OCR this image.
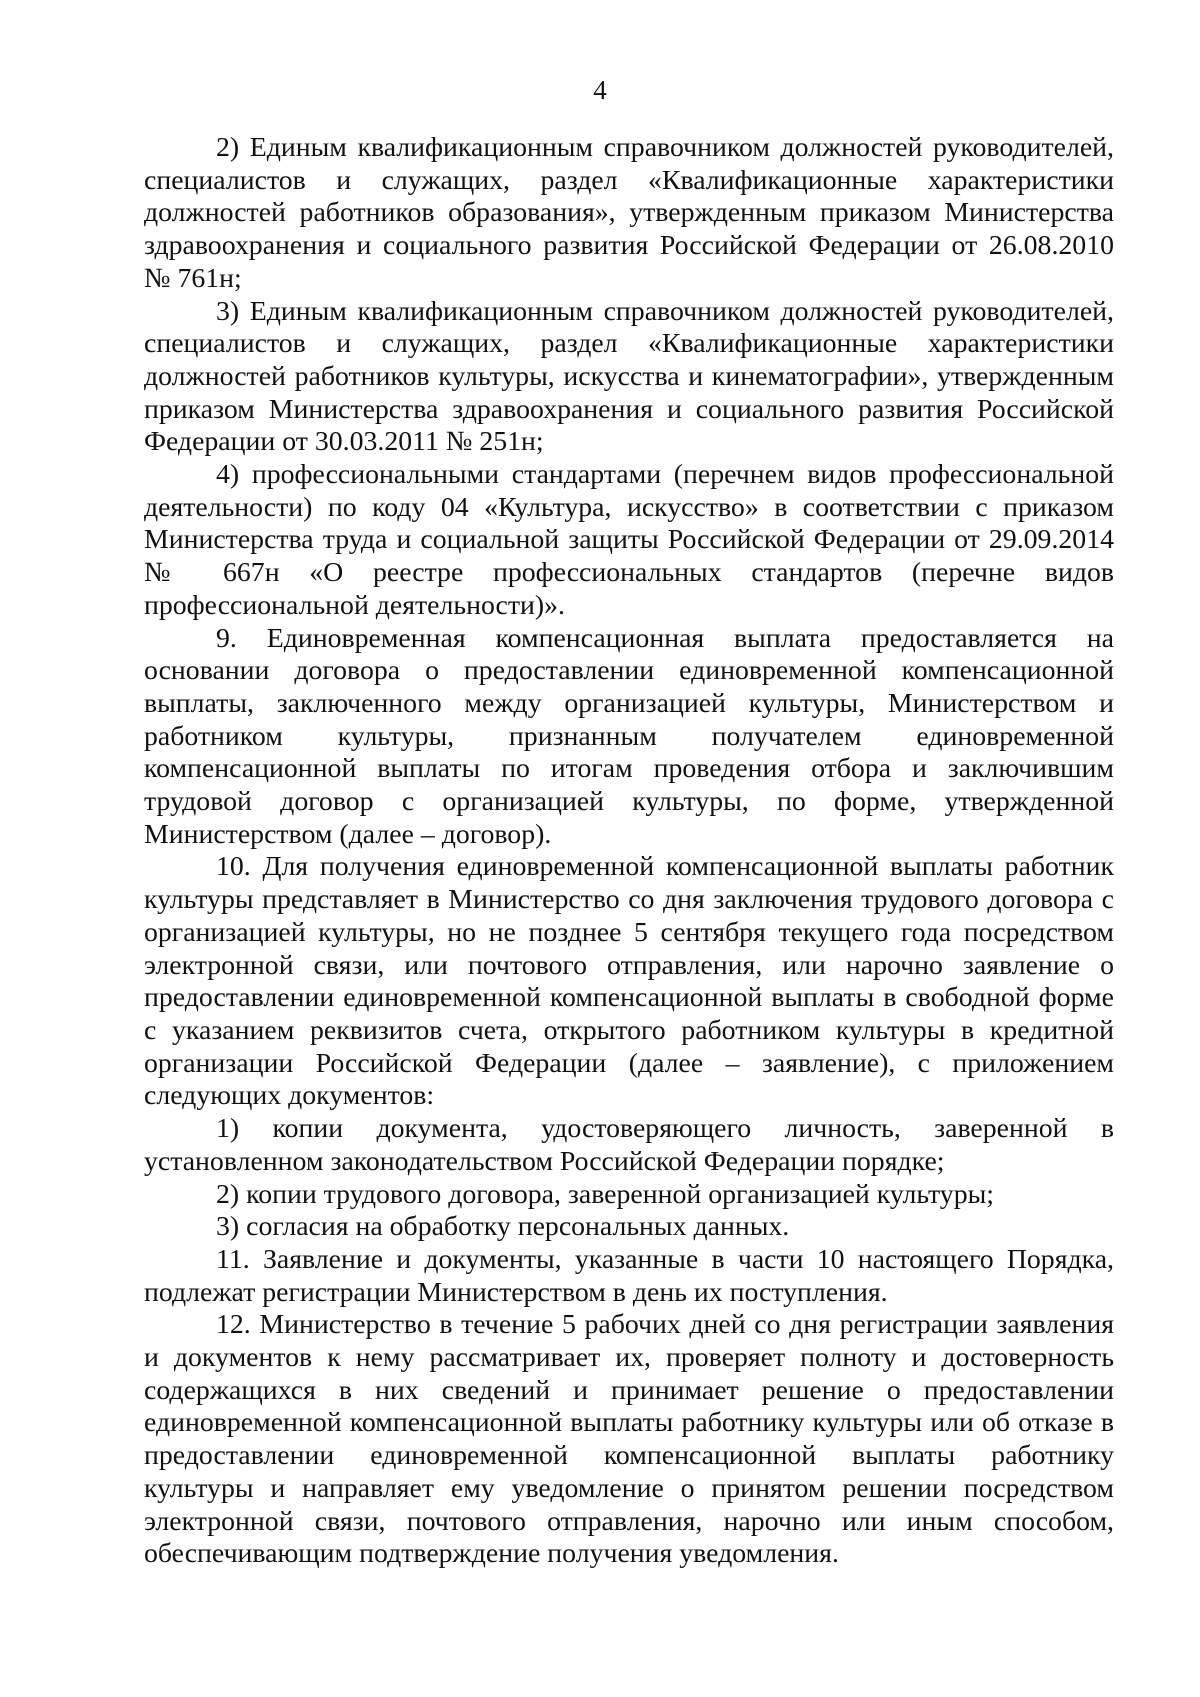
4

2) Единым квалификационным справочником должностей руководителей, специалистов и служащих, раздел «Квалификационные характеристики должностей работников образования», утвержденным приказом Министерства здравоохранения и социального развития Российской Федерации от 26.08.2010 № 761н;

3) Единым квалификационным справочником должностей руководителей, специалистов и служащих, раздел «Квалификационные характеристики должностей работников культуры, искусства и кинематографии», утвержденным приказом Министерства здравоохранения и социального развития Российской Федерации от 30.03.2011 № 251н;

4) профессиональными стандартами (перечнем видов профессиональной деятельности) по коду 04 «Культура, искусство» в соответствии с приказом Министерства труда и социальной защиты Российской Федерации от 29.09.2014 № 667н «О реестре профессиональных стандартов (перечне видов профессиональной деятельности)».

9. Единовременная компенсационная выплата предоставляется на основании договора о предоставлении единовременной компенсационной выплаты, заключенного между организацией культуры, Министерством и работником культуры, признанным получателем единовременной компенсационной выплаты по итогам проведения отбора и заключившим трудовой договор с организацией культуры, по форме, утвержденной Министерством (далее – договор).

10. Для получения единовременной компенсационной выплаты работник культуры представляет в Министерство со дня заключения трудового договора с организацией культуры, но не позднее 5 сентября текущего года посредством электронной связи, или почтового отправления, или нарочно заявление о предоставлении единовременной компенсационной выплаты в свободной форме с указанием реквизитов счета, открытого работником культуры в кредитной организации Российской Федерации (далее – заявление), с приложением следующих документов:

1) копии документа, удостоверяющего личность, заверенной в установленном законодательством Российской Федерации порядке;

2) копии трудового договора, заверенной организацией культуры;

3) согласия на обработку персональных данных.

11. Заявление и документы, указанные в части 10 настоящего Порядка, подлежат регистрации Министерством в день их поступления.

12. Министерство в течение 5 рабочих дней со дня регистрации заявления и документов к нему рассматривает их, проверяет полноту и достоверность содержащихся в них сведений и принимает решение о предоставлении единовременной компенсационной выплаты работнику культуры или об отказе в предоставлении единовременной компенсационной выплаты работнику культуры и направляет ему уведомление о принятом решении посредством электронной связи, почтового отправления, нарочно или иным способом, обеспечивающим подтверждение получения уведомления.
